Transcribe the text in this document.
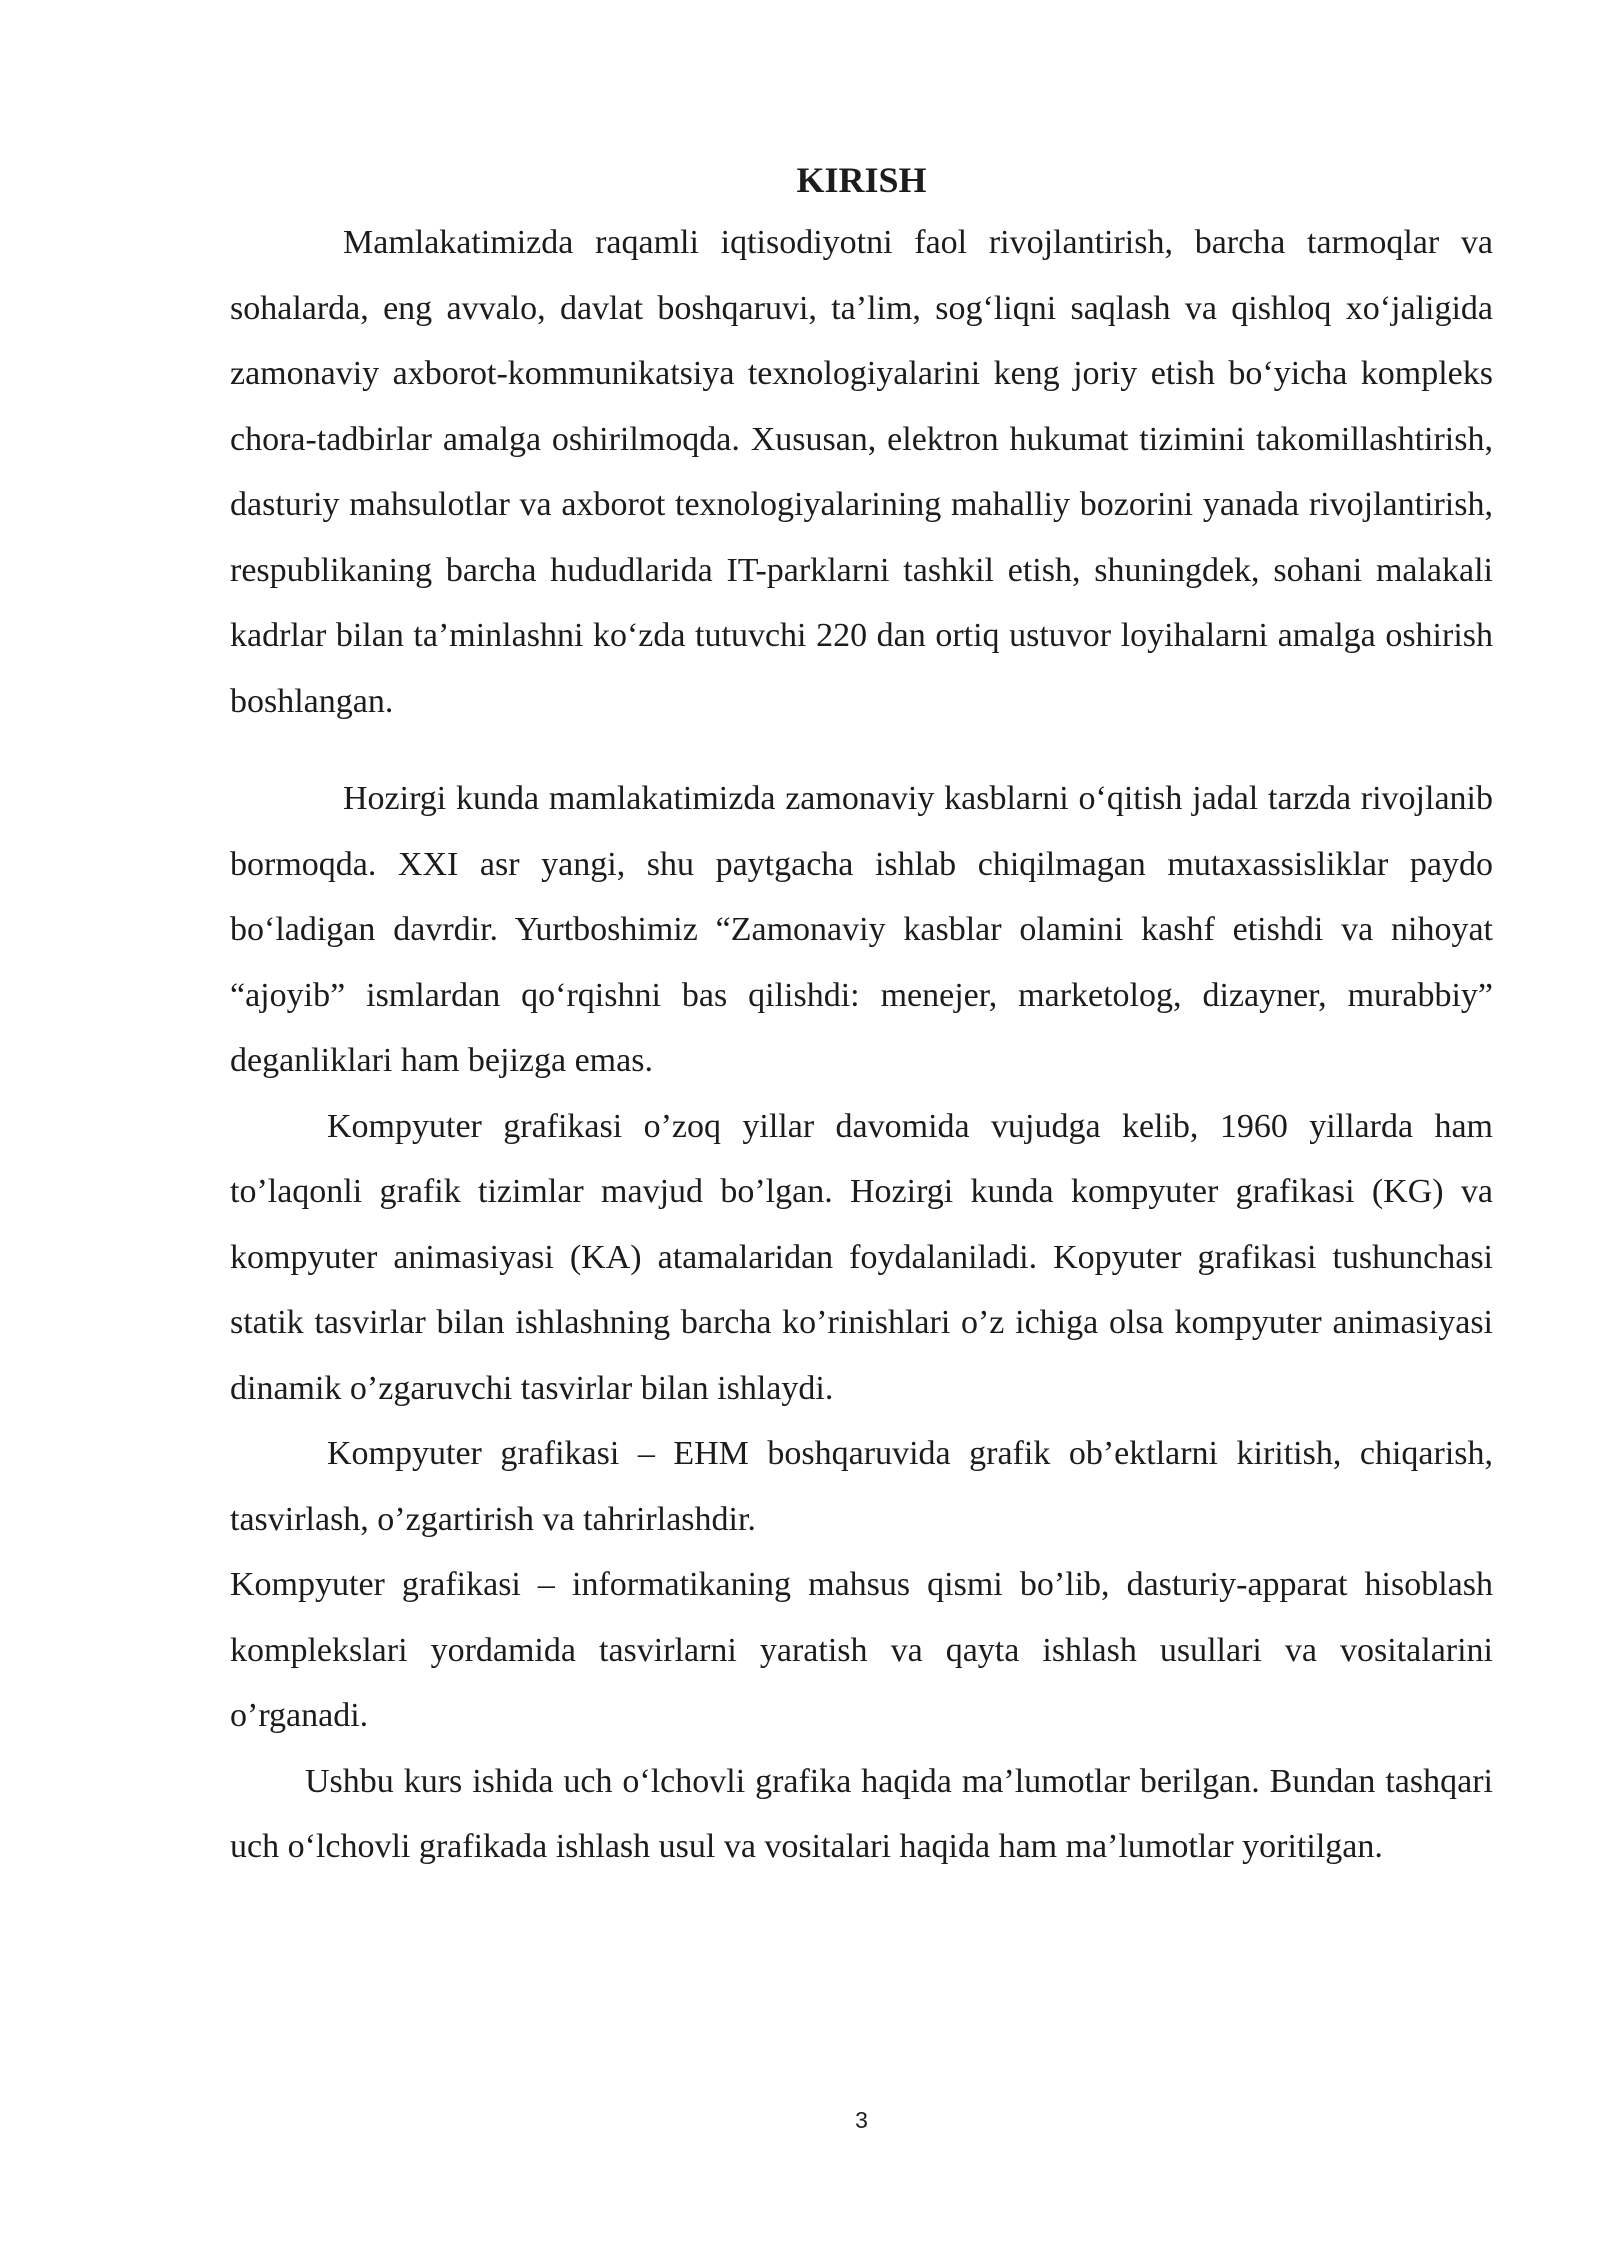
KIRISH

Mamlakatimizda raqamli iqtisodiyotni faol rivojlantirish, barcha tarmoqlar va sohalarda, eng avvalo, davlat boshqaruvi, ta’lim, sog‘liqni saqlash va qishloq xo‘jaligida zamonaviy axborot-kommunikatsiya texnologiyalarini keng joriy etish bo‘yicha kompleks chora-tadbirlar amalga oshirilmoqda. Xususan, elektron hukumat tizimini takomillashtirish, dasturiy mahsulotlar va axborot texnologiyalarining mahalliy bozorini yanada rivojlantirish, respublikaning barcha hududlarida IT-parklarni tashkil etish, shuningdek, sohani malakali kadrlar bilan ta’minlashni ko‘zda tutuvchi 220 dan ortiq ustuvor loyihalarni amalga oshirish boshlangan.

Hozirgi kunda mamlakatimizda zamonaviy kasblarni o‘qitish jadal tarzda rivojlanib bormoqda. XXI asr yangi, shu paytgacha ishlab chiqilmagan mutaxassisliklar paydo bo‘ladigan davrdir. Yurtboshimiz “Zamonaviy kasblar olamini kashf etishdi va nihoyat “ajoyib” ismlardan qo‘rqishni bas qilishdi: menejer, marketolog, dizayner, murabbiy” deganliklari ham bejizga emas.

Kompyuter grafikasi o’zoq yillar davomida vujudga kelib, 1960 yillarda ham to’laqonli grafik tizimlar mavjud bo’lgan. Hozirgi kunda kompyuter grafikasi (KG) va kompyuter animasiyasi (KA) atamalaridan foydalaniladi. Kopyuter grafikasi tushunchasi statik tasvirlar bilan ishlashning barcha ko’rinishlari o’z ichiga olsa kompyuter animasiyasi dinamik o’zgaruvchi tasvirlar bilan ishlaydi.

Kompyuter grafikasi – EHM boshqaruvida grafik ob’ektlarni kiritish, chiqarish, tasvirlash, o’zgartirish va tahrirlashdir.

Kompyuter grafikasi – informatikaning mahsus qismi bo’lib, dasturiy-apparat hisoblash komplekslari yordamida tasvirlarni yaratish va qayta ishlash usullari va vositalarini o’rganadi.

Ushbu kurs ishida uch o‘lchovli grafika haqida ma’lumotlar berilgan. Bundan tashqari uch o‘lchovli grafikada ishlash usul va vositalari haqida ham ma’lumotlar yoritilgan.

3
